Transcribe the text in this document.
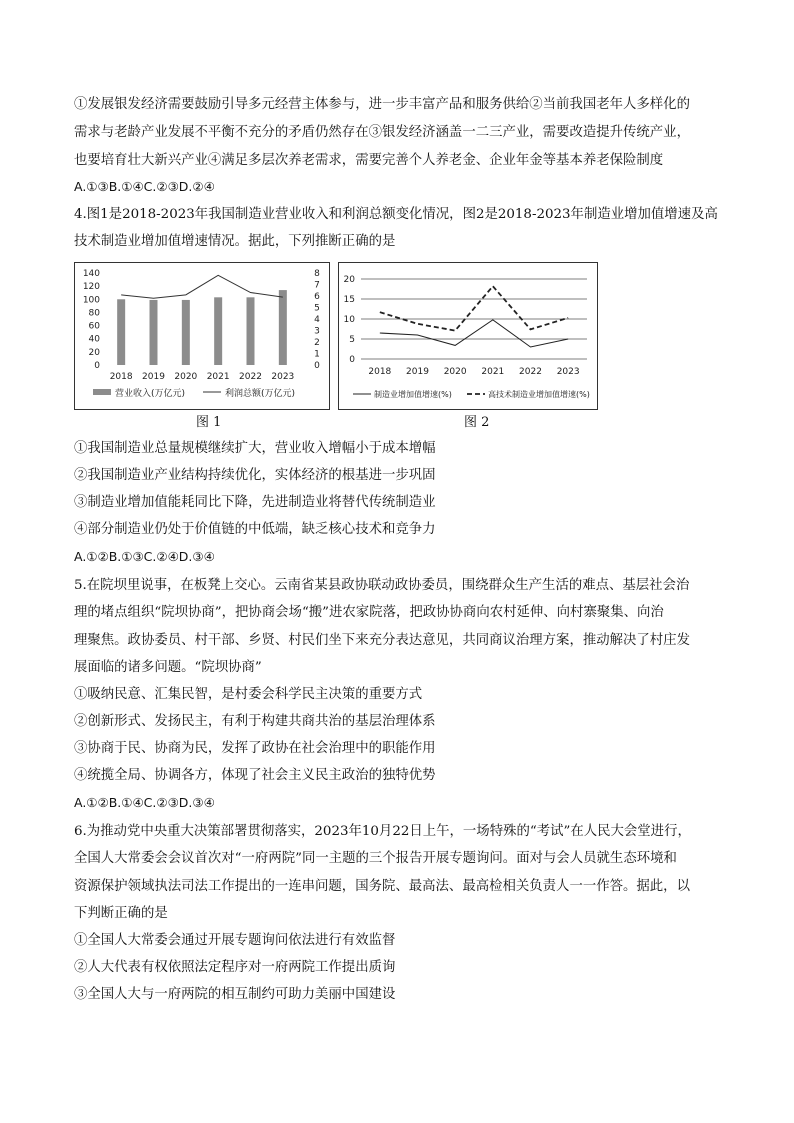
①发展银发经济需要鼓励引导多元经营主体参与，进一步丰富产品和服务供给②当前我国老年人多样化的
需求与老龄产业发展不平衡不充分的矛盾仍然存在③银发经济涵盖一二三产业，需要改造提升传统产业，
也要培育壮大新兴产业④满足多层次养老需求，需要完善个人养老金、企业年金等基本养老保险制度
A.①③B.①④C.②③D.②④
4.图1是2018-2023年我国制造业营业收入和利润总额变化情况，图2是2018-2023年制造业增加值增速及高
技术制造业增加值增速情况。据此，下列推断正确的是
0
20
40
60
80
100
120
140
0
1
2
3
4
5
6
7
8
2018 2019 2020 2021 2022 2023
营业收入(万亿元)	利润总额(万亿元)
图 1
0
5
10
15
20
2018 2019 2020 2021 2022 2023
制造业增加值增速(%)	高技术制造业增加值增速(%)
图 2
①我国制造业总量规模继续扩大，营业收入增幅小于成本增幅
②我国制造业产业结构持续优化，实体经济的根基进一步巩固
③制造业增加值能耗同比下降，先进制造业将替代传统制造业
④部分制造业仍处于价值链的中低端，缺乏核心技术和竞争力
A.①②B.①③C.②④D.③④
5.在院坝里说事，在板凳上交心。云南省某县政协联动政协委员，围绕群众生产生活的难点、基层社会治
理的堵点组织“院坝协商”，把协商会场“搬”进农家院落，把政协协商向农村延伸、向村寨聚集、向治
理聚焦。政协委员、村干部、乡贤、村民们坐下来充分表达意见，共同商议治理方案，推动解决了村庄发
展面临的诸多问题。“院坝协商”
①吸纳民意、汇集民智，是村委会科学民主决策的重要方式
②创新形式、发扬民主，有利于构建共商共治的基层治理体系
③协商于民、协商为民，发挥了政协在社会治理中的职能作用
④统揽全局、协调各方，体现了社会主义民主政治的独特优势
A.①②B.①④C.②③D.③④
6.为推动党中央重大决策部署贯彻落实，2023年10月22日上午，一场特殊的“考试”在人民大会堂进行，
全国人大常委会会议首次对“一府两院”同一主题的三个报告开展专题询问。面对与会人员就生态环境和
资源保护领域执法司法工作提出的一连串问题，国务院、最高法、最高检相关负责人一一作答。据此，以
下判断正确的是
①全国人大常委会通过开展专题询问依法进行有效监督
②人大代表有权依照法定程序对一府两院工作提出质询
③全国人大与一府两院的相互制约可助力美丽中国建设
